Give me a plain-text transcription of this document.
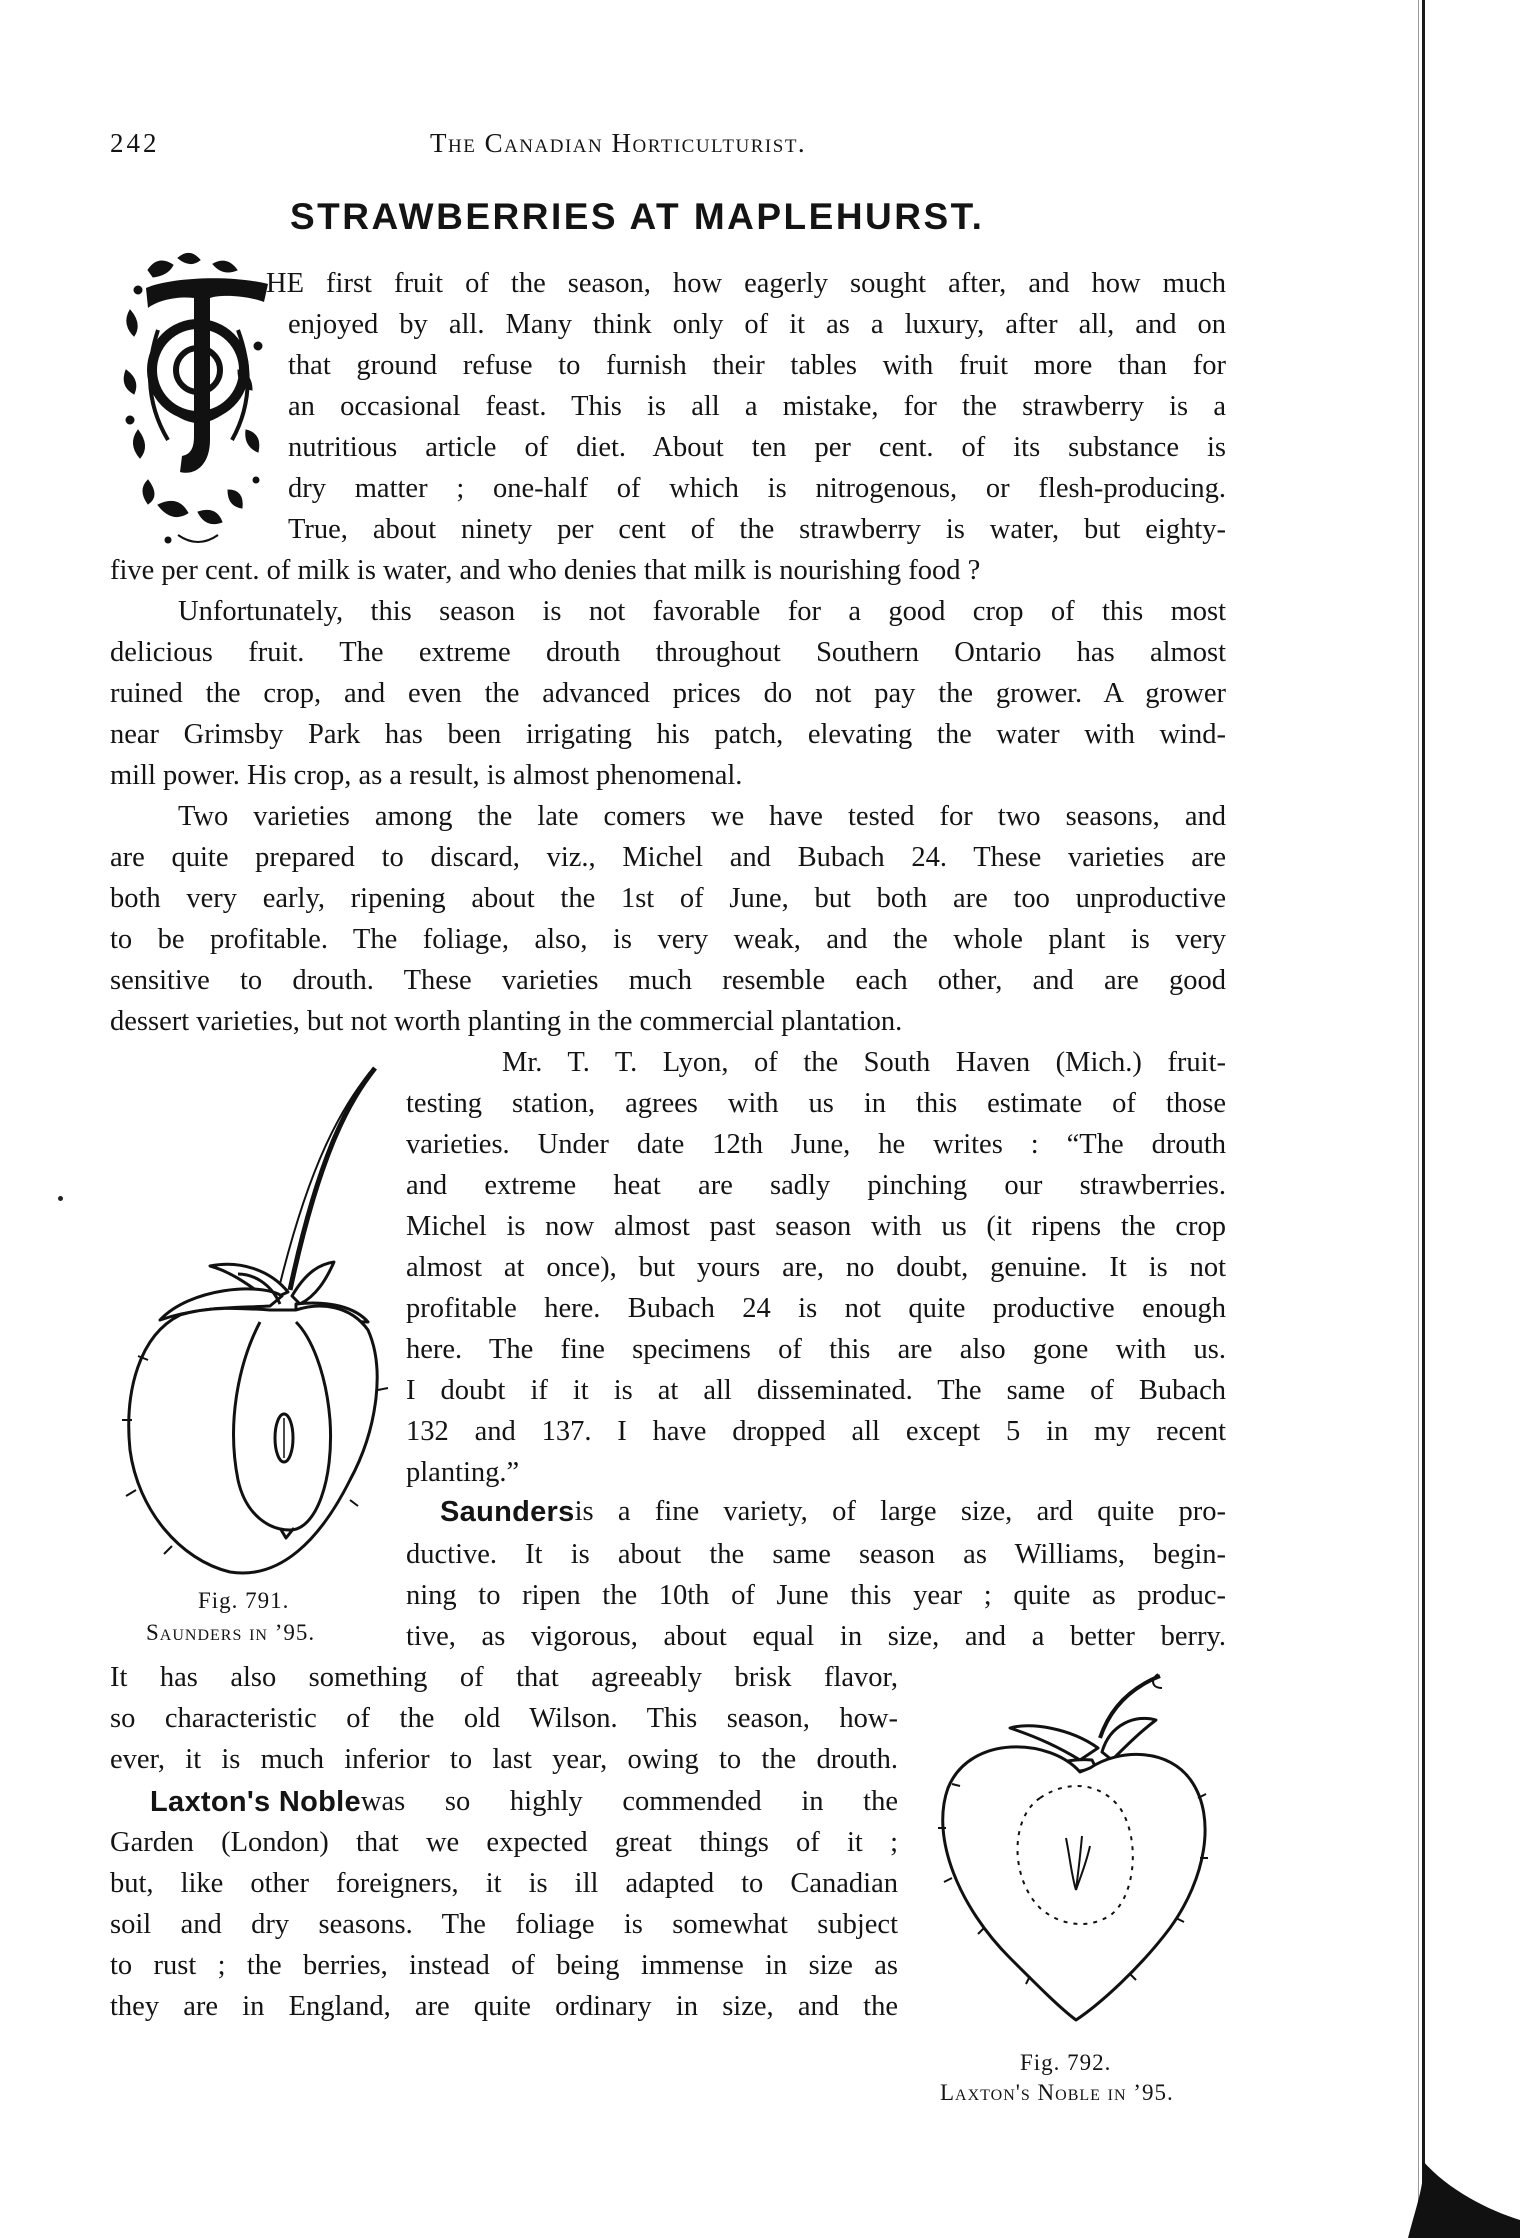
242	The Canadian Horticulturist.
STRAWBERRIES AT MAPLEHURST.
HE first fruit of the season, how eagerly sought after, and how much
enjoyed by all. Many think only of it as a luxury, after all, and on
that ground refuse to furnish their tables with fruit more than for
an occasional feast. This is all a mistake, for the strawberry is a
nutritious article of diet. About ten per cent. of its substance is
dry matter ; one-half of which is nitrogenous, or flesh-producing.
True, about ninety per cent of the strawberry is water, but eighty-
five per cent. of milk is water, and who denies that milk is nourishing food ?
Unfortunately, this season is not favorable for a good crop of this most
delicious fruit. The extreme drouth throughout Southern Ontario has almost
ruined the crop, and even the advanced prices do not pay the grower. A grower
near Grimsby Park has been irrigating his patch, elevating the water with wind-
mill power. His crop, as a result, is almost phenomenal.
Two varieties among the late comers we have tested for two seasons, and
are quite prepared to discard, viz., Michel and Bubach 24. These varieties are
both very early, ripening about the 1st of June, but both are too unproductive
to be profitable. The foliage, also, is very weak, and the whole plant is very
sensitive to drouth. These varieties much resemble each other, and are good
dessert varieties, but not worth planting in the commercial plantation.
Fig. 791.
Saunders in ’95.
Mr. T. T. Lyon, of the South Haven (Mich.) fruit-
testing station, agrees with us in this estimate of those
varieties. Under date 12th June, he writes : “The drouth
and extreme heat are sadly pinching our strawberries.
Michel is now almost past season with us (it ripens the crop
almost at once), but yours are, no doubt, genuine. It is not
profitable here. Bubach 24 is not quite productive enough
here. The fine specimens of this are also gone with us.
I doubt if it is at all disseminated. The same of Bubach
132 and 137. I have dropped all except 5 in my recent
planting.”
Saunders is a fine variety, of large size, ard quite pro-
ductive. It is about the same season as Williams, begin-
ning to ripen the 10th of June this year ; quite as produc-
tive, as vigorous, about equal in size, and a better berry.
It has also something of that agreeably brisk flavor,
so characteristic of the old Wilson. This season, how-
ever, it is much inferior to last year, owing to the drouth.
Laxton's Noble was so highly commended in the
Garden (London) that we expected great things of it ;
but, like other foreigners, it is ill adapted to Canadian
soil and dry seasons. The foliage is somewhat subject
to rust ; the berries, instead of being immense in size as
they are in England, are quite ordinary in size, and the
Fig. 792.
Laxton's Noble in ’95.
